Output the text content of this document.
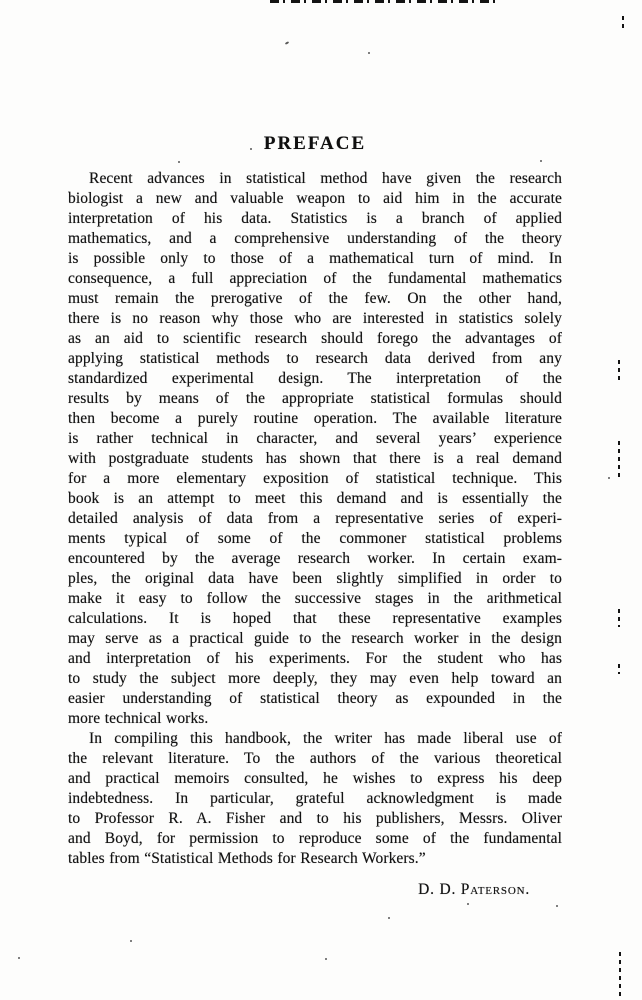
PREFACE
Recent advances in statistical method have given the research
biologist a new and valuable weapon to aid him in the accurate
interpretation of his data. Statistics is a branch of applied
mathematics, and a comprehensive understanding of the theory
is possible only to those of a mathematical turn of mind. In
consequence, a full appreciation of the fundamental mathematics
must remain the prerogative of the few. On the other hand,
there is no reason why those who are interested in statistics solely
as an aid to scientific research should forego the advantages of
applying statistical methods to research data derived from any
standardized experimental design. The interpretation of the
results by means of the appropriate statistical formulas should
then become a purely routine operation. The available literature
is rather technical in character, and several years’ experience
with postgraduate students has shown that there is a real demand
for a more elementary exposition of statistical technique. This
book is an attempt to meet this demand and is essentially the
detailed analysis of data from a representative series of experi-
ments typical of some of the commoner statistical problems
encountered by the average research worker. In certain exam-
ples, the original data have been slightly simplified in order to
make it easy to follow the successive stages in the arithmetical
calculations. It is hoped that these representative examples
may serve as a practical guide to the research worker in the design
and interpretation of his experiments. For the student who has
to study the subject more deeply, they may even help toward an
easier understanding of statistical theory as expounded in the
more technical works.
In compiling this handbook, the writer has made liberal use of
the relevant literature. To the authors of the various theoretical
and practical memoirs consulted, he wishes to express his deep
indebtedness. In particular, grateful acknowledgment is made
to Professor R. A. Fisher and to his publishers, Messrs. Oliver
and Boyd, for permission to reproduce some of the fundamental
tables from “Statistical Methods for Research Workers.”
D. D. Paterson.
